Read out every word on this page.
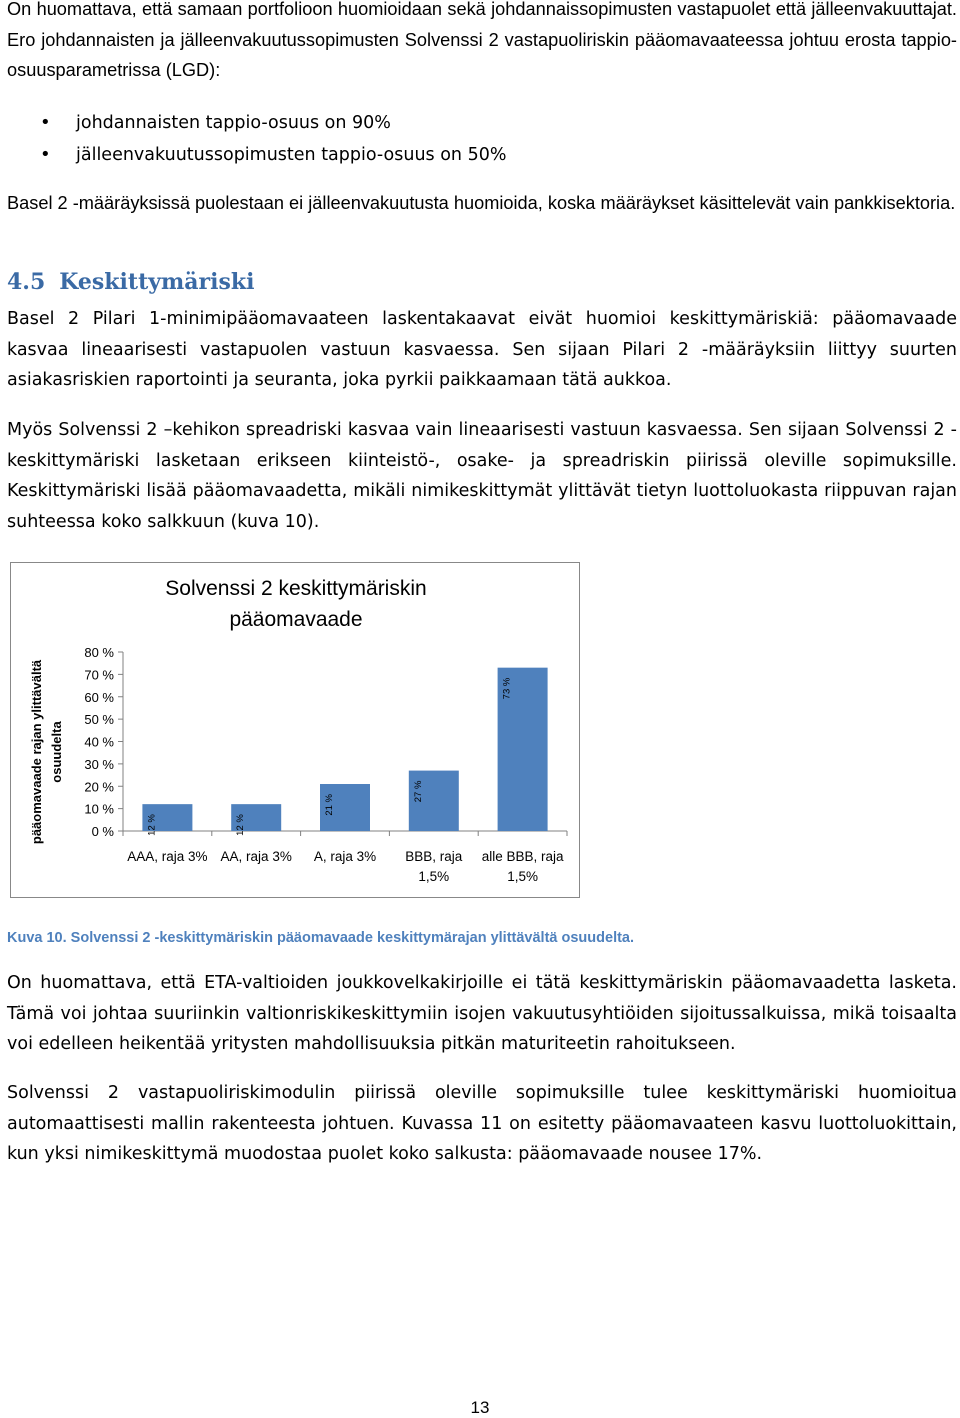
On huomattava, että samaan portfolioon huomioidaan sekä johdannaissopimusten vastapuolet että jälleenvakuuttajat. Ero johdannaisten ja jälleenvakuutussopimusten Solvenssi 2 vastapuoliriskin pääomavaateessa johtuu erosta tappio-osuusparametrissa (LGD):

• johdannaisten tappio-osuus on 90%
• jälleenvakuutussopimusten tappio-osuus on 50%

Basel 2 -määräyksissä puolestaan ei jälleenvakuutusta huomioida, koska määräykset käsittelevät vain pankkisektoria.

4.5 Keskittymäriski

Basel 2 Pilari 1-minimipääomavaateen laskentakaavat eivät huomioi keskittymäriskiä: pääomavaade kasvaa lineaarisesti vastapuolen vastuun kasvaessa. Sen sijaan Pilari 2 -määräyksiin liittyy suurten asiakasriskien raportointi ja seuranta, joka pyrkii paikkaamaan tätä aukkoa.

Myös Solvenssi 2 –kehikon spreadriski kasvaa vain lineaarisesti vastuun kasvaessa. Sen sijaan Solvenssi 2 -keskittymäriski lasketaan erikseen kiinteistö-, osake- ja spreadriskin piirissä oleville sopimuksille. Keskittymäriski lisää pääomavaadetta, mikäli nimikeskittymät ylittävät tietyn luottoluokasta riippuvan rajan suhteessa koko salkkuun (kuva 10).

Solvenssi 2 keskittymäriskin
pääomavaade
pääomavaade rajan ylittävältä osuudelta
80 %
70 %
60 %
50 %
40 %
30 %
20 %
10 %
0 %	12 %
AAA, raja 3%
12 %
AA, raja 3%
21 %
A, raja 3%
27 %
BBB, raja
1,5%
73 %
alle BBB, raja
1,5%

Kuva 10. Solvenssi 2 -keskittymäriskin pääomavaade keskittymärajan ylittävältä osuudelta.

On huomattava, että ETA-valtioiden joukkovelkakirjoille ei tätä keskittymäriskin pääomavaadetta lasketa. Tämä voi johtaa suuriinkin valtionriskikeskittymiin isojen vakuutusyhtiöiden sijoitussalkuissa, mikä toisaalta voi edelleen heikentää yritysten mahdollisuuksia pitkän maturiteetin rahoitukseen.

Solvenssi 2 vastapuoliriskimodulin piirissä oleville sopimuksille tulee keskittymäriski huomioitua automaattisesti mallin rakenteesta johtuen. Kuvassa 11 on esitetty pääomavaateen kasvu luottoluokittain, kun yksi nimikeskittymä muodostaa puolet koko salkusta: pääomavaade nousee 17%.

13
